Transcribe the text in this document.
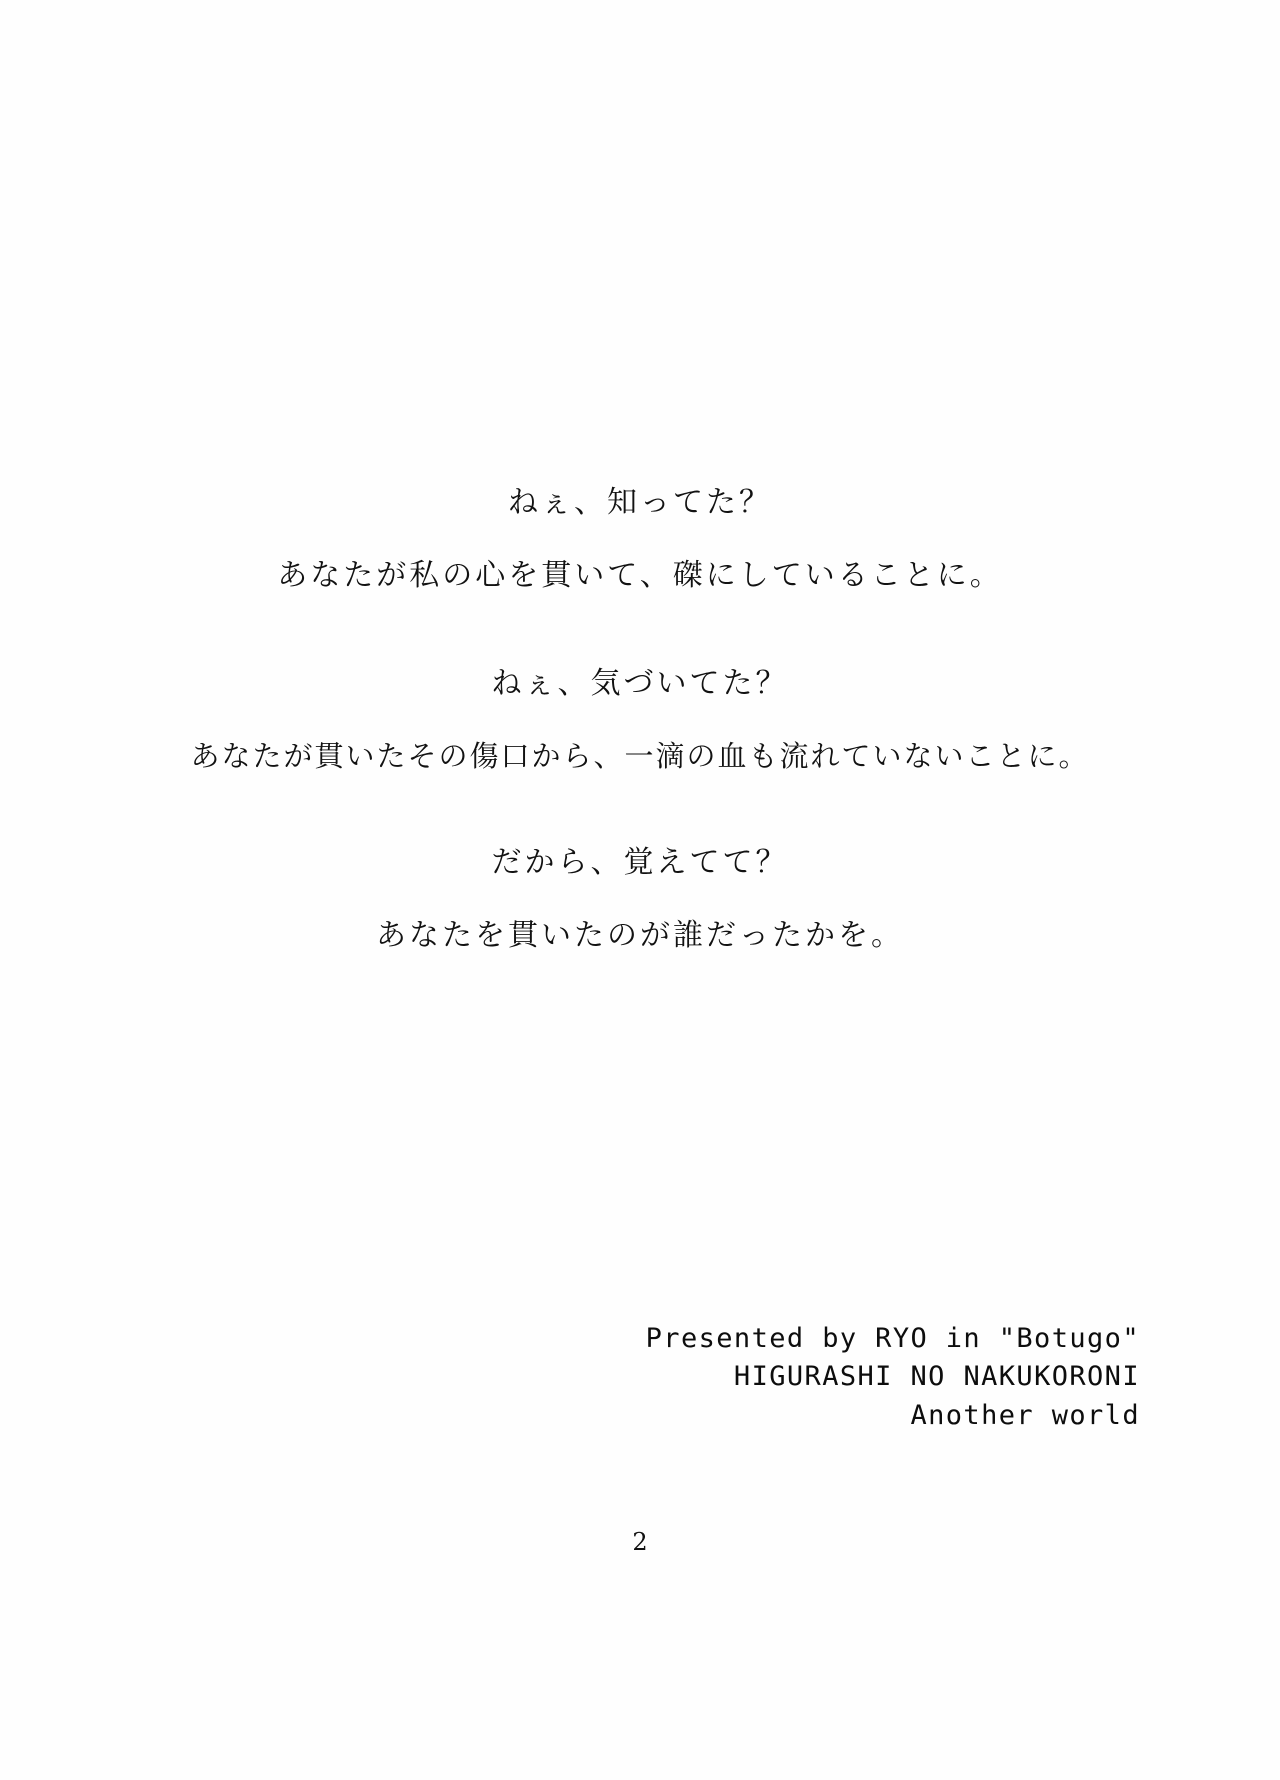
ねぇ、知ってた？
あなたが私の心を貫いて、磔にしていることに。
ねぇ、気づいてた？
あなたが貫いたその傷口から、一滴の血も流れていないことに。
だから、覚えてて？
あなたを貫いたのが誰だったかを。
Presented by RYO in "Botugo"
HIGURASHI NO NAKUKORONI
Another world
2
